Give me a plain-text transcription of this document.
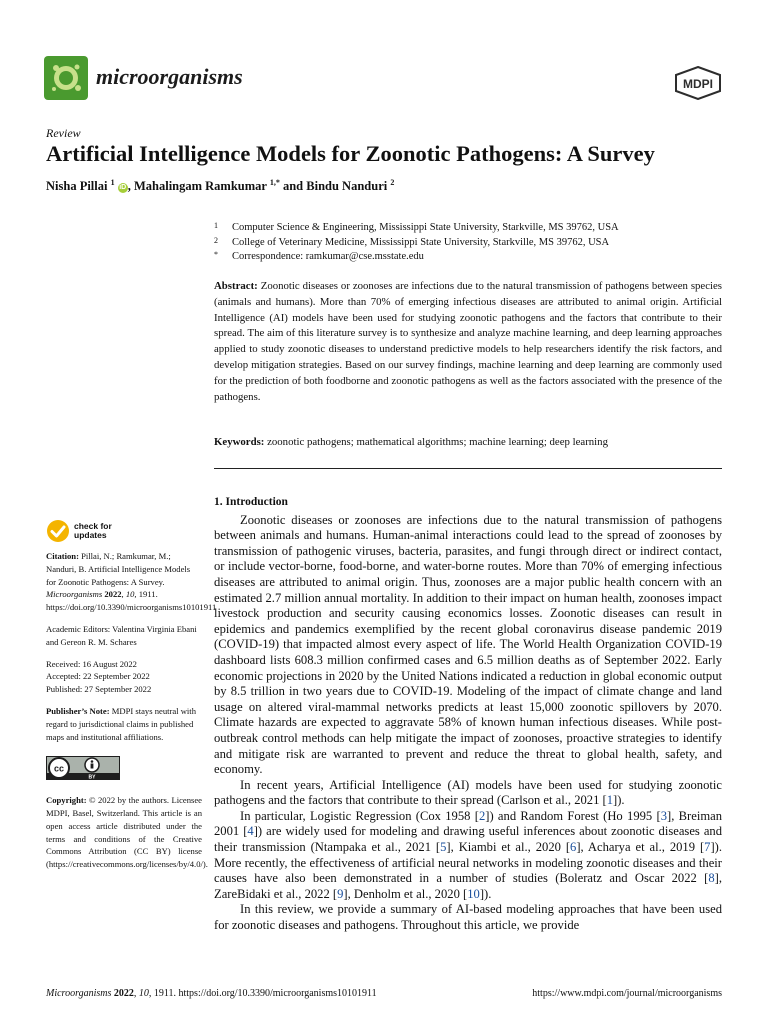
microorganisms	MDPI
Review
Artificial Intelligence Models for Zoonotic Pathogens: A Survey
Nisha Pillai $^1$ iD , Mahalingam Ramkumar $^{1,*}$ and Bindu Nanduri $^2$
1 Computer Science & Engineering, Mississippi State University, Starkville, MS 39762, USA
2 College of Veterinary Medicine, Mississippi State University, Starkville, MS 39762, USA
* Correspondence: ramkumar@cse.msstate.edu
Abstract: Zoonotic diseases or zoonoses are infections due to the natural transmission of pathogens between species (animals and humans). More than 70% of emerging infectious diseases are attributed to animal origin. Artificial Intelligence (AI) models have been used for studying zoonotic pathogens and the factors that contribute to their spread. The aim of this literature survey is to synthesize and analyze machine learning, and deep learning approaches applied to study zoonotic diseases to understand predictive models to help researchers identify the risk factors, and develop mitigation strategies. Based on our survey findings, machine learning and deep learning are commonly used for the prediction of both foodborne and zoonotic pathogens as well as the factors associated with the presence of the pathogens.
Keywords: zoonotic pathogens; mathematical algorithms; machine learning; deep learning
check for
updates
Citation: Pillai, N.; Ramkumar, M.; Nanduri, B. Artificial Intelligence Models for Zoonotic Pathogens: A Survey. Microorganisms 2022, 10, 1911. https://doi.org/10.3390/microorganisms10101911
Academic Editors: Valentina Virginia Ebani and Gereon R. M. Schares
Received: 16 August 2022
Accepted: 22 September 2022
Published: 27 September 2022
Publisher’s Note: MDPI stays neutral with regard to jurisdictional claims in published maps and institutional affiliations.
cc
BY
Copyright: © 2022 by the authors. Licensee MDPI, Basel, Switzerland. This article is an open access article distributed under the terms and conditions of the Creative Commons Attribution (CC BY) license (https://creativecommons.org/licenses/by/4.0/).
1. Introduction

Zoonotic diseases or zoonoses are infections due to the natural transmission of pathogens between animals and humans. Human-animal interactions could lead to the spread of zoonoses by transmission of pathogenic viruses, bacteria, parasites, and fungi through direct or indirect contact, or include vector-borne, food-borne, and water-borne routes. More than 70% of emerging infectious diseases are attributed to animal origin. Thus, zoonoses are a major public health concern with an estimated 2.7 million annual mortality. In addition to their impact on human health, zoonoses impact livestock production and security causing economics losses. Zoonotic diseases can result in epidemics and pandemics exemplified by the recent global coronavirus disease pandemic 2019 (COVID-19) that impacted almost every aspect of life. The World Health Organization COVID-19 dashboard lists 608.3 million confirmed cases and 6.5 million deaths as of September 2022. Early economic projections in 2020 by the United Nations indicated a reduction in global economic output by 8.5 trillion in two years due to COVID-19. Modeling of the impact of climate change and land usage on altered viral-mammal networks predicts at least 15,000 zoonotic spillovers by 2070. Climate hazards are expected to aggravate 58% of known human infectious diseases. While post-outbreak control methods can help mitigate the impact of zoonoses, proactive strategies to identify and mitigate risk are warranted to prevent and reduce the threat to global health, safety, and economy.

In recent years, Artificial Intelligence (AI) models have been used for studying zoonotic pathogens and the factors that contribute to their spread (Carlson et al., 2021 [1]).

In particular, Logistic Regression (Cox 1958 [2]) and Random Forest (Ho 1995 [3], Breiman 2001 [4]) are widely used for modeling and drawing useful inferences about zoonotic diseases and their transmission (Ntampaka et al., 2021 [5], Kiambi et al., 2020 [6], Acharya et al., 2019 [7]). More recently, the effectiveness of artificial neural networks in modeling zoonotic diseases and their causes have also been demonstrated in a number of studies (Boleratz and Oscar 2022 [8], ZareBidaki et al., 2022 [9], Denholm et al., 2020 [10]).

In this review, we provide a summary of AI-based modeling approaches that have been used for zoonotic diseases and pathogens. Throughout this article, we provide

Microorganisms 2022, 10, 1911. https://doi.org/10.3390/microorganisms10101911	https://www.mdpi.com/journal/microorganisms
